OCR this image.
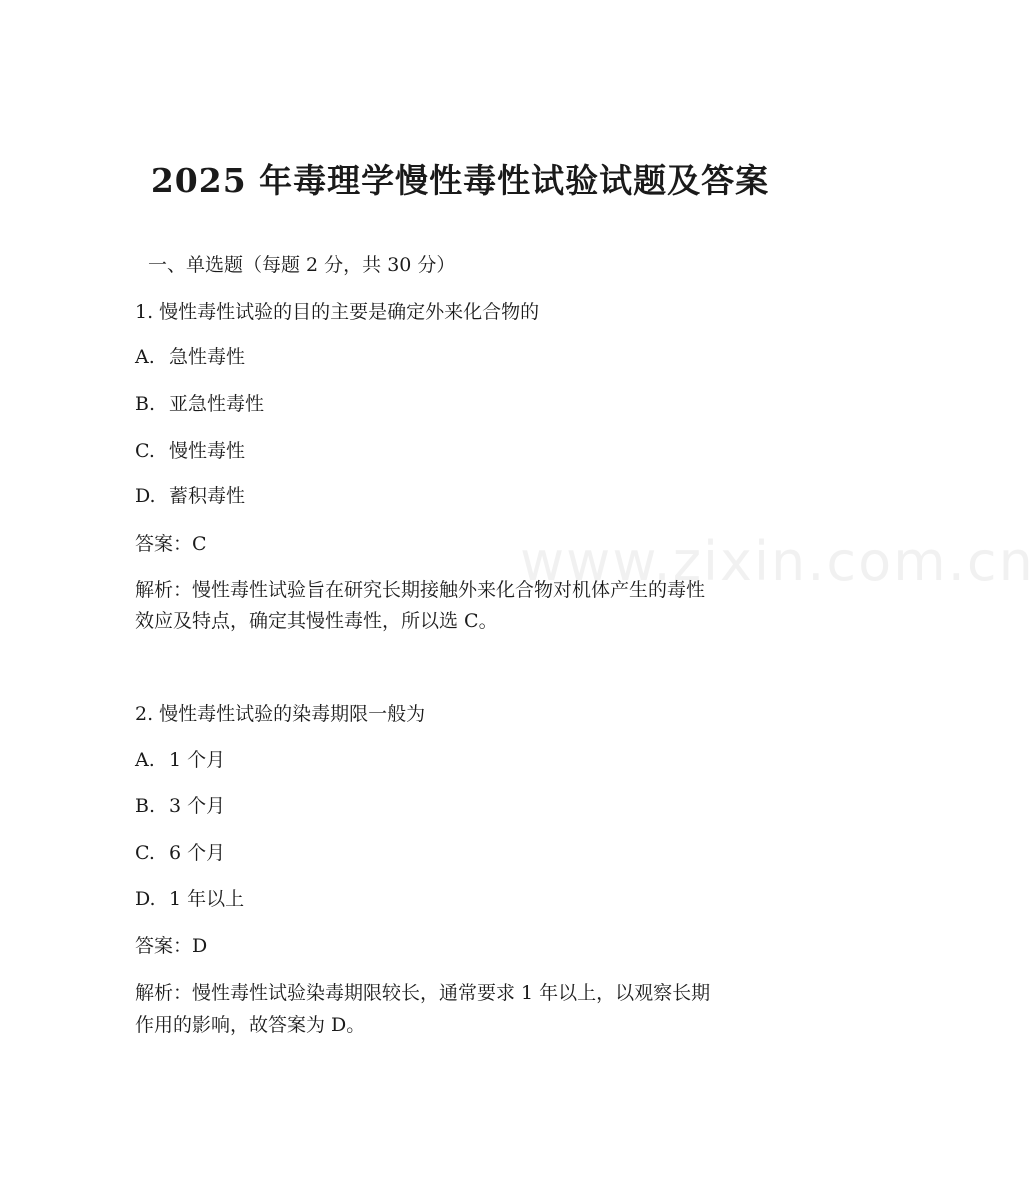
2025 年毒理学慢性毒性试验试题及答案
www.zixin.com.cn
一、单选题（每题 2 分，共 30 分）
1. 慢性毒性试验的目的主要是确定外来化合物的
A. 急性毒性
B. 亚急性毒性
C. 慢性毒性
D. 蓄积毒性
答案：C
解析：慢性毒性试验旨在研究长期接触外来化合物对机体产生的毒性
效应及特点，确定其慢性毒性，所以选 C。
2. 慢性毒性试验的染毒期限一般为
A. 1 个月
B. 3 个月
C. 6 个月
D. 1 年以上
答案：D
解析：慢性毒性试验染毒期限较长，通常要求 1 年以上，以观察长期
作用的影响，故答案为 D。
